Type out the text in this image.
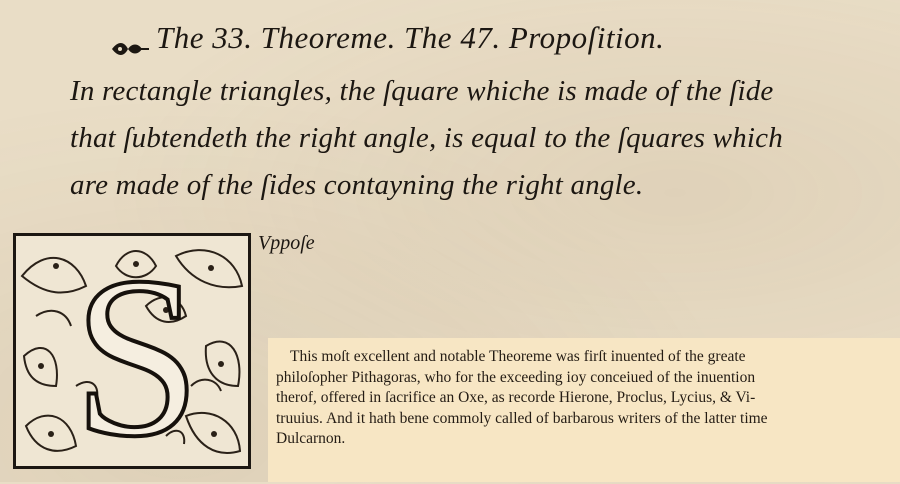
The 33. Theoreme. The 47. Propoſition.
In rectangle triangles, the ſquare whiche is made of the ſide
that ſubtendeth the right angle, is equal to the ſquares which
are made of the ſides contayning the right angle.
S	Vppoſe
This moſt excellent and notable Theoreme was firſt inuented of the greate
philoſopher Pithagoras, who for the exceeding ioy conceiued of the inuention
therof, offered in ſacrifice an Oxe, as recorde Hierone, Proclus, Lycius, & Vi-
truuius. And it hath bene commoly called of barbarous writers of the latter time
Dulcarnon.
